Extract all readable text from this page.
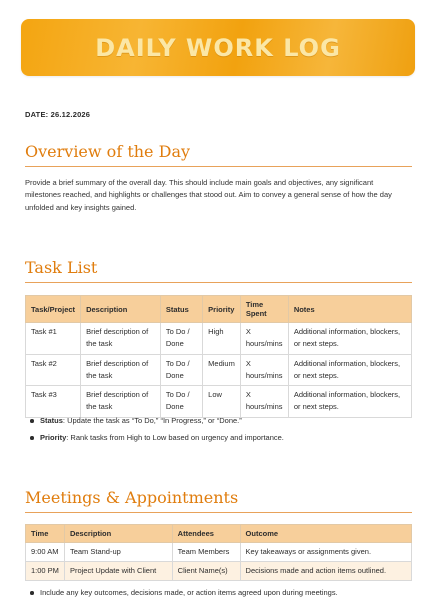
DAILY WORK LOG
DATE: 26.12.2026
Overview of the Day

Provide a brief summary of the overall day. This should include main goals and objectives, any significant milestones reached, and highlights or challenges that stood out. Aim to convey a general sense of how the day unfolded and key insights gained.

Task List
Task/Project	Description	Status	Priority	Time Spent	Notes
Task #1	Brief description of the task	To Do / Done	High	X hours/mins	Additional information, blockers, or next steps.
Task #2	Brief description of the task	To Do / Done	Medium	X hours/mins	Additional information, blockers, or next steps.
Task #3	Brief description of the task	To Do / Done	Low	X hours/mins	Additional information, blockers, or next steps.
Status: Update the task as “To Do,” “In Progress,” or “Done.”
Priority: Rank tasks from High to Low based on urgency and importance.
Meetings & Appointments
Time	Description	Attendees	Outcome
9:00 AM	Team Stand-up	Team Members	Key takeaways or assignments given.
1:00 PM	Project Update with Client	Client Name(s)	Decisions made and action items outlined.
Include any key outcomes, decisions made, or action items agreed upon during meetings.
